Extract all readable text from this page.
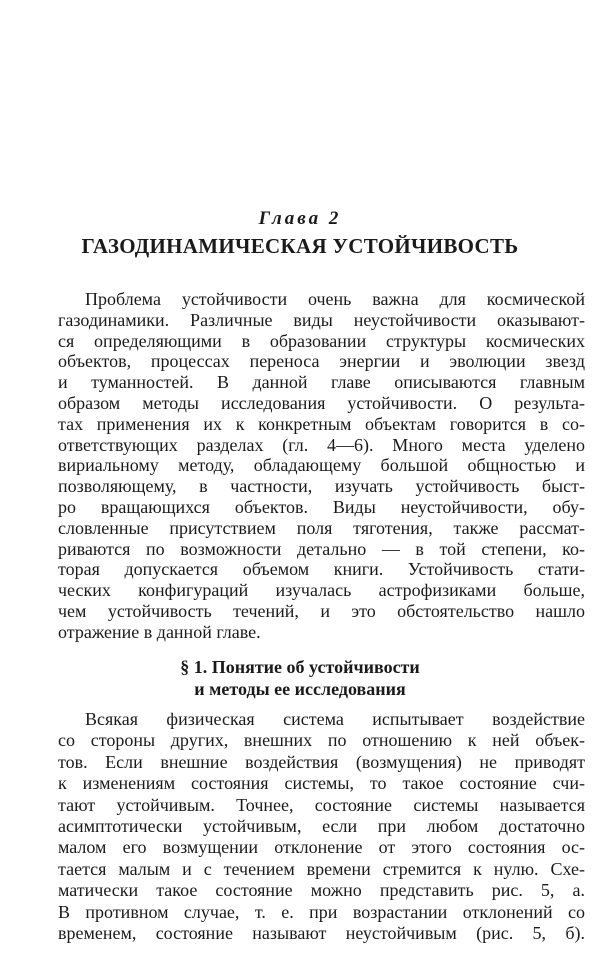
Глава 2
ГАЗОДИНАМИЧЕСКАЯ УСТОЙЧИВОСТЬ
Проблема устойчивости очень важна для космической
газодинамики. Различные виды неустойчивости оказывают-
ся определяющими в образовании структуры космических
объектов, процессах переноса энергии и эволюции звезд
и туманностей. В данной главе описываются главным
образом методы исследования устойчивости. О результа-
тах применения их к конкретным объектам говорится в со-
ответствующих разделах (гл. 4—6). Много места уделено
вириальному методу, обладающему большой общностью и
позволяющему, в частности, изучать устойчивость быст-
ро вращающихся объектов. Виды неустойчивости, обу-
словленные присутствием поля тяготения, также рассмат-
риваются по возможности детально — в той степени, ко-
торая допускается объемом книги. Устойчивость стати-
ческих конфигураций изучалась астрофизиками больше,
чем устойчивость течений, и это обстоятельство нашло
отражение в данной главе.
§ 1. Понятие об устойчивости
и методы ее исследования
Всякая физическая система испытывает воздействие
со стороны других, внешних по отношению к ней объек-
тов. Если внешние воздействия (возмущения) не приводят
к изменениям состояния системы, то такое состояние счи-
тают устойчивым. Точнее, состояние системы называется
асимптотически устойчивым, если при любом достаточно
малом его возмущении отклонение от этого состояния ос-
тается малым и с течением времени стремится к нулю. Схе-
матически такое состояние можно представить рис. 5, а.
В противном случае, т. е. при возрастании отклонений со
временем, состояние называют неустойчивым (рис. 5, б).
